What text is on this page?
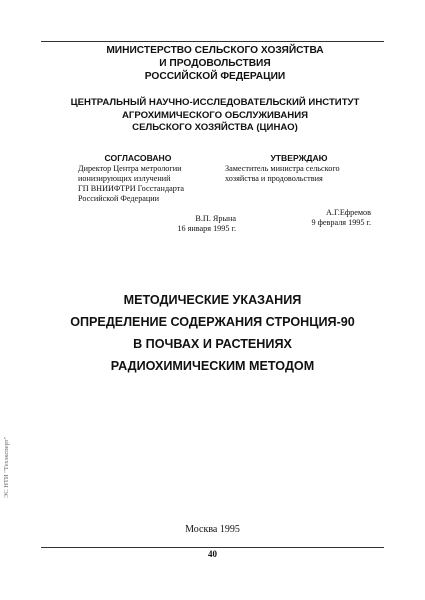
МИНИСТЕРСТВО СЕЛЬСКОГО ХОЗЯЙСТВА
И ПРОДОВОЛЬСТВИЯ
РОССИЙСКОЙ ФЕДЕРАЦИИ
ЦЕНТРАЛЬНЫЙ НАУЧНО-ИССЛЕДОВАТЕЛЬСКИЙ ИНСТИТУТ
АГРОХИМИЧЕСКОГО ОБСЛУЖИВАНИЯ
СЕЛЬСКОГО ХОЗЯЙСТВА (ЦИНАО)
СОГЛАСОВАНО
Директор Центра метрологии
ионизирующих излучений
ГП ВНИИФТРИ Госстандарта
Российской Федерации
В.П. Ярына
16 января 1995 г.
УТВЕРЖДАЮ
Заместитель министра сельского
хозяйства и продовольствия
А.Г.Ефремов
9 февраля 1995 г.
МЕТОДИЧЕСКИЕ УКАЗАНИЯ
ОПРЕДЕЛЕНИЕ СОДЕРЖАНИЯ СТРОНЦИЯ-90
В ПОЧВАХ И РАСТЕНИЯХ
РАДИОХИМИЧЕСКИМ МЕТОДОМ
Москва 1995
40
ЭС НТИ "Техэксперт"
